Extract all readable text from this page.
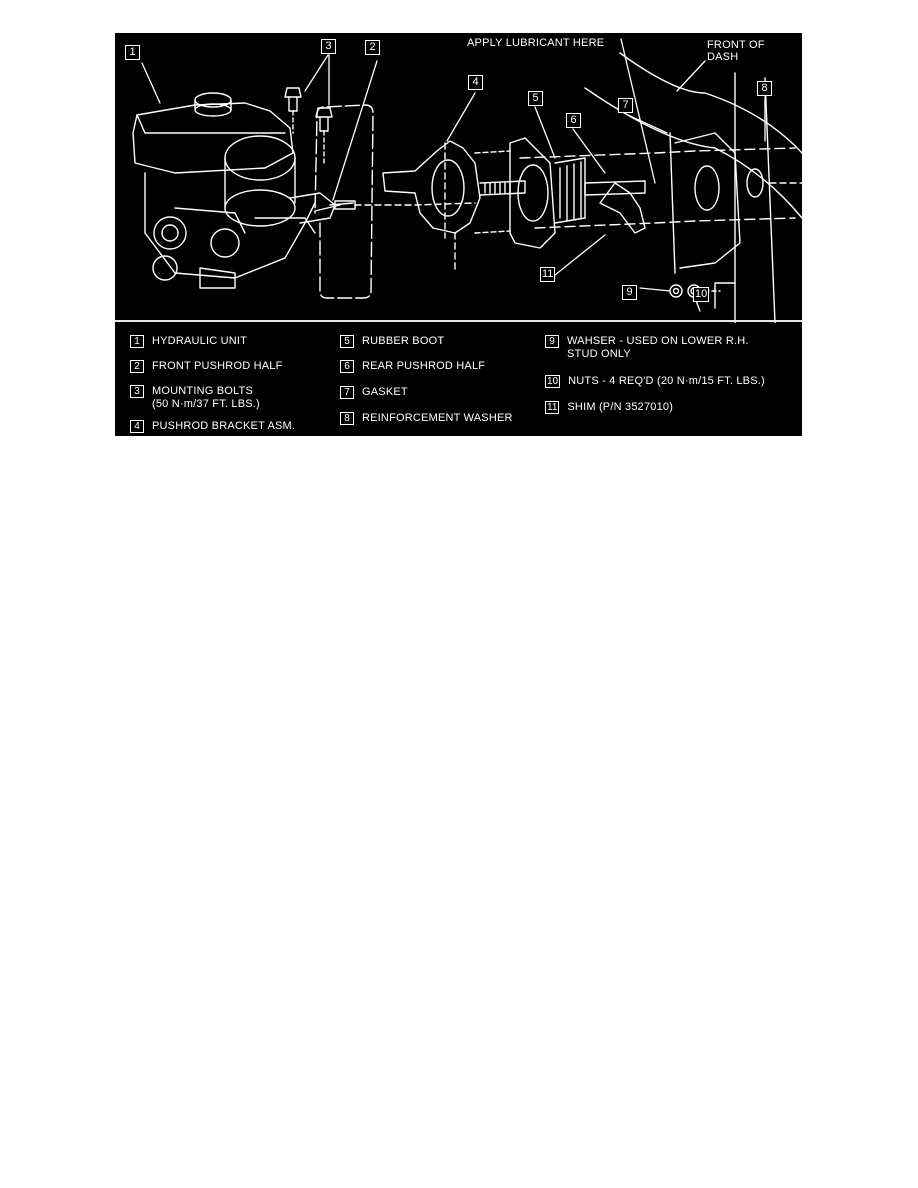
1	2
3
4
5
6
7
8
9	10
11
APPLY LUBRICANT HERE	FRONT OF
DASH
1	HYDRAULIC UNIT
2	FRONT PUSHROD HALF
3	MOUNTING BOLTS
(50 N·m/37 FT. LBS.)
4	PUSHROD BRACKET ASM.
5	RUBBER BOOT
6	REAR PUSHROD HALF
7	GASKET
8	REINFORCEMENT WASHER
9	WAHSER - USED ON LOWER R.H.
STUD ONLY
10 NUTS - 4 REQ'D (20 N·m/15 FT. LBS.)
11 SHIM (P/N 3527010)
